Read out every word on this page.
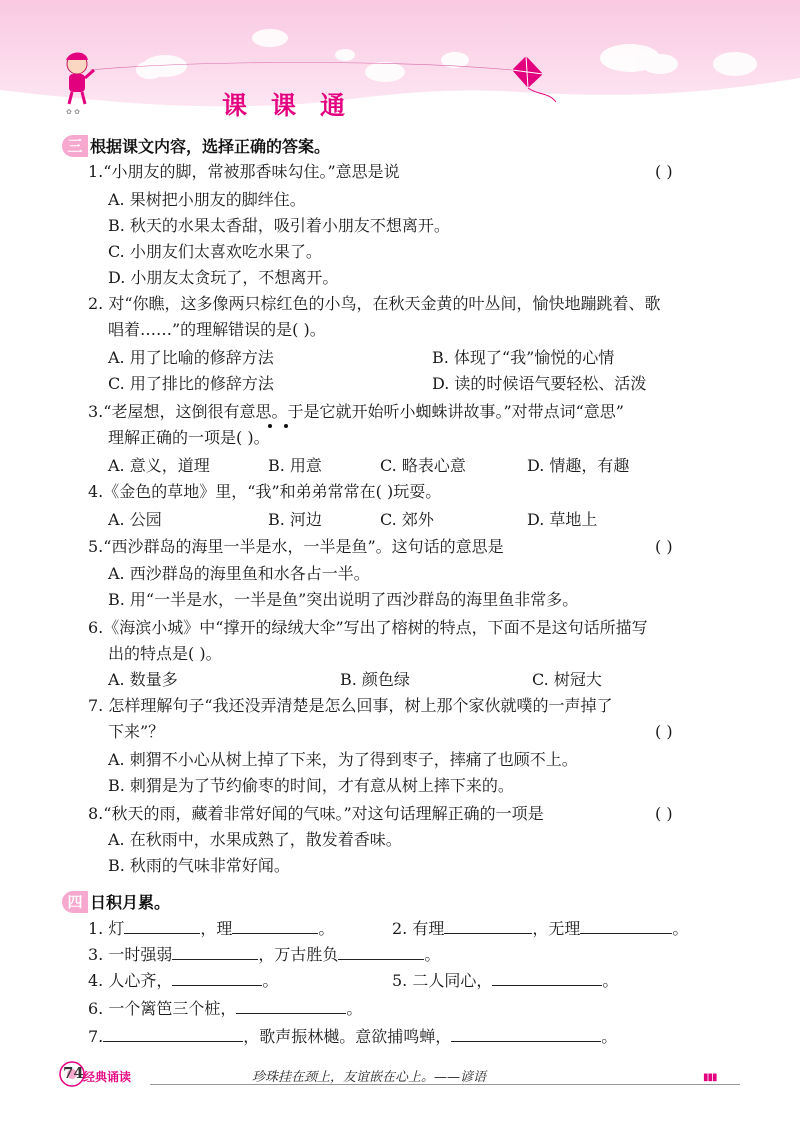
✿ ✿	课课通
三 根据课文内容，选择正确的答案。
1.“小朋友的脚，常被那香味勾住。”意思是说	( )
A. 果树把小朋友的脚绊住。
B. 秋天的水果太香甜，吸引着小朋友不想离开。
C. 小朋友们太喜欢吃水果了。
D. 小朋友太贪玩了，不想离开。
2. 对“你瞧，这多像两只棕红色的小鸟，在秋天金黄的叶丛间，愉快地蹦跳着、歌
唱着……”的理解错误的是( )。
A. 用了比喻的修辞方法	B. 体现了“我”愉悦的心情
C. 用了排比的修辞方法	D. 读的时候语气要轻松、活泼
3.“老屋想，这倒很有意思。于是它就开始听小蜘蛛讲故事。”对带点词“意思”
理解正确的一项是( )。
A. 意义，道理	B. 用意	C. 略表心意	D. 情趣，有趣
4.《金色的草地》里，“我”和弟弟常常在( )玩耍。
A. 公园	B. 河边	C. 郊外	D. 草地上
5.“西沙群岛的海里一半是水，一半是鱼”。这句话的意思是	( )
A. 西沙群岛的海里鱼和水各占一半。
B. 用“一半是水，一半是鱼”突出说明了西沙群岛的海里鱼非常多。
6.《海滨小城》中“撑开的绿绒大伞”写出了榕树的特点，下面不是这句话所描写
出的特点是( )。
A. 数量多	B. 颜色绿	C. 树冠大
7. 怎样理解句子“我还没弄清楚是怎么回事，树上那个家伙就噗的一声掉了
下来”？	( )
A. 刺猬不小心从树上掉了下来，为了得到枣子，摔痛了也顾不上。
B. 刺猬是为了节约偷枣的时间，才有意从树上摔下来的。
8.“秋天的雨，藏着非常好闻的气味。”对这句话理解正确的一项是	( )
A. 在秋雨中，水果成熟了，散发着香味。
B. 秋雨的气味非常好闻。
四 日积月累。
1. 灯	，理	。	2. 有理	，无理	。
3. 一时强弱	，万古胜负	。
4. 人心齐，	。	5. 二人同心，	。
6. 一个篱笆三个桩，	。
7.	，歌声振林樾。意欲捕鸣蝉，	。
74 经典诵读	珍珠挂在颈上，友谊嵌在心上。——谚语	▮▮▮
